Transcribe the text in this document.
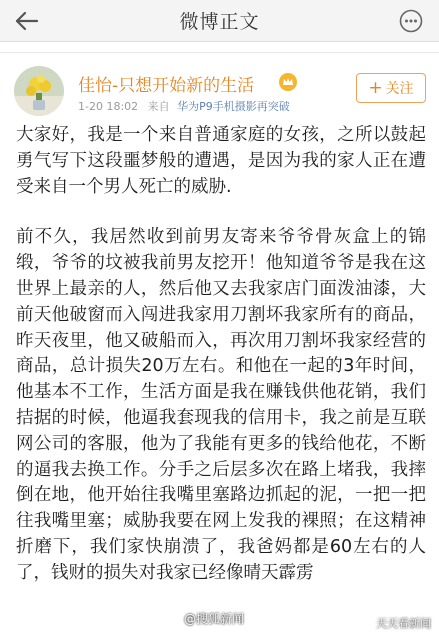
微博正文
佳怡-只想开始新的生活
1-20 18:02 来自 华为P9手机摄影再突破
+ 关注

大家好，我是一个来自普通家庭的女孩，之所以鼓起勇气写下这段噩梦般的遭遇，是因为我的家人正在遭受来自一个男人死亡的威胁.

前不久，我居然收到前男友寄来爷爷骨灰盒上的锦缎，爷爷的坟被我前男友挖开！他知道爷爷是我在这世界上最亲的人，然后他又去我家店门面泼油漆，大前天他破窗而入闯进我家用刀割坏我家所有的商品，昨天夜里，他又破船而入，再次用刀割坏我家经营的商品，总计损失20万左右。和他在一起的3年时间，他基本不工作，生活方面是我在赚钱供他花销，我们拮据的时候，他逼我套现我的信用卡，我之前是互联网公司的客服，他为了我能有更多的钱给他花，不断的逼我去换工作。分手之后层多次在路上堵我，我摔倒在地，他开始往我嘴里塞路边抓起的泥，一把一把往我嘴里塞；威胁我要在网上发我的裸照；在这精神折磨下，我们家快崩溃了，我爸妈都是60左右的人了，钱财的损失对我家已经像晴天霹雳

@搜狐新闻	天天看新闻
